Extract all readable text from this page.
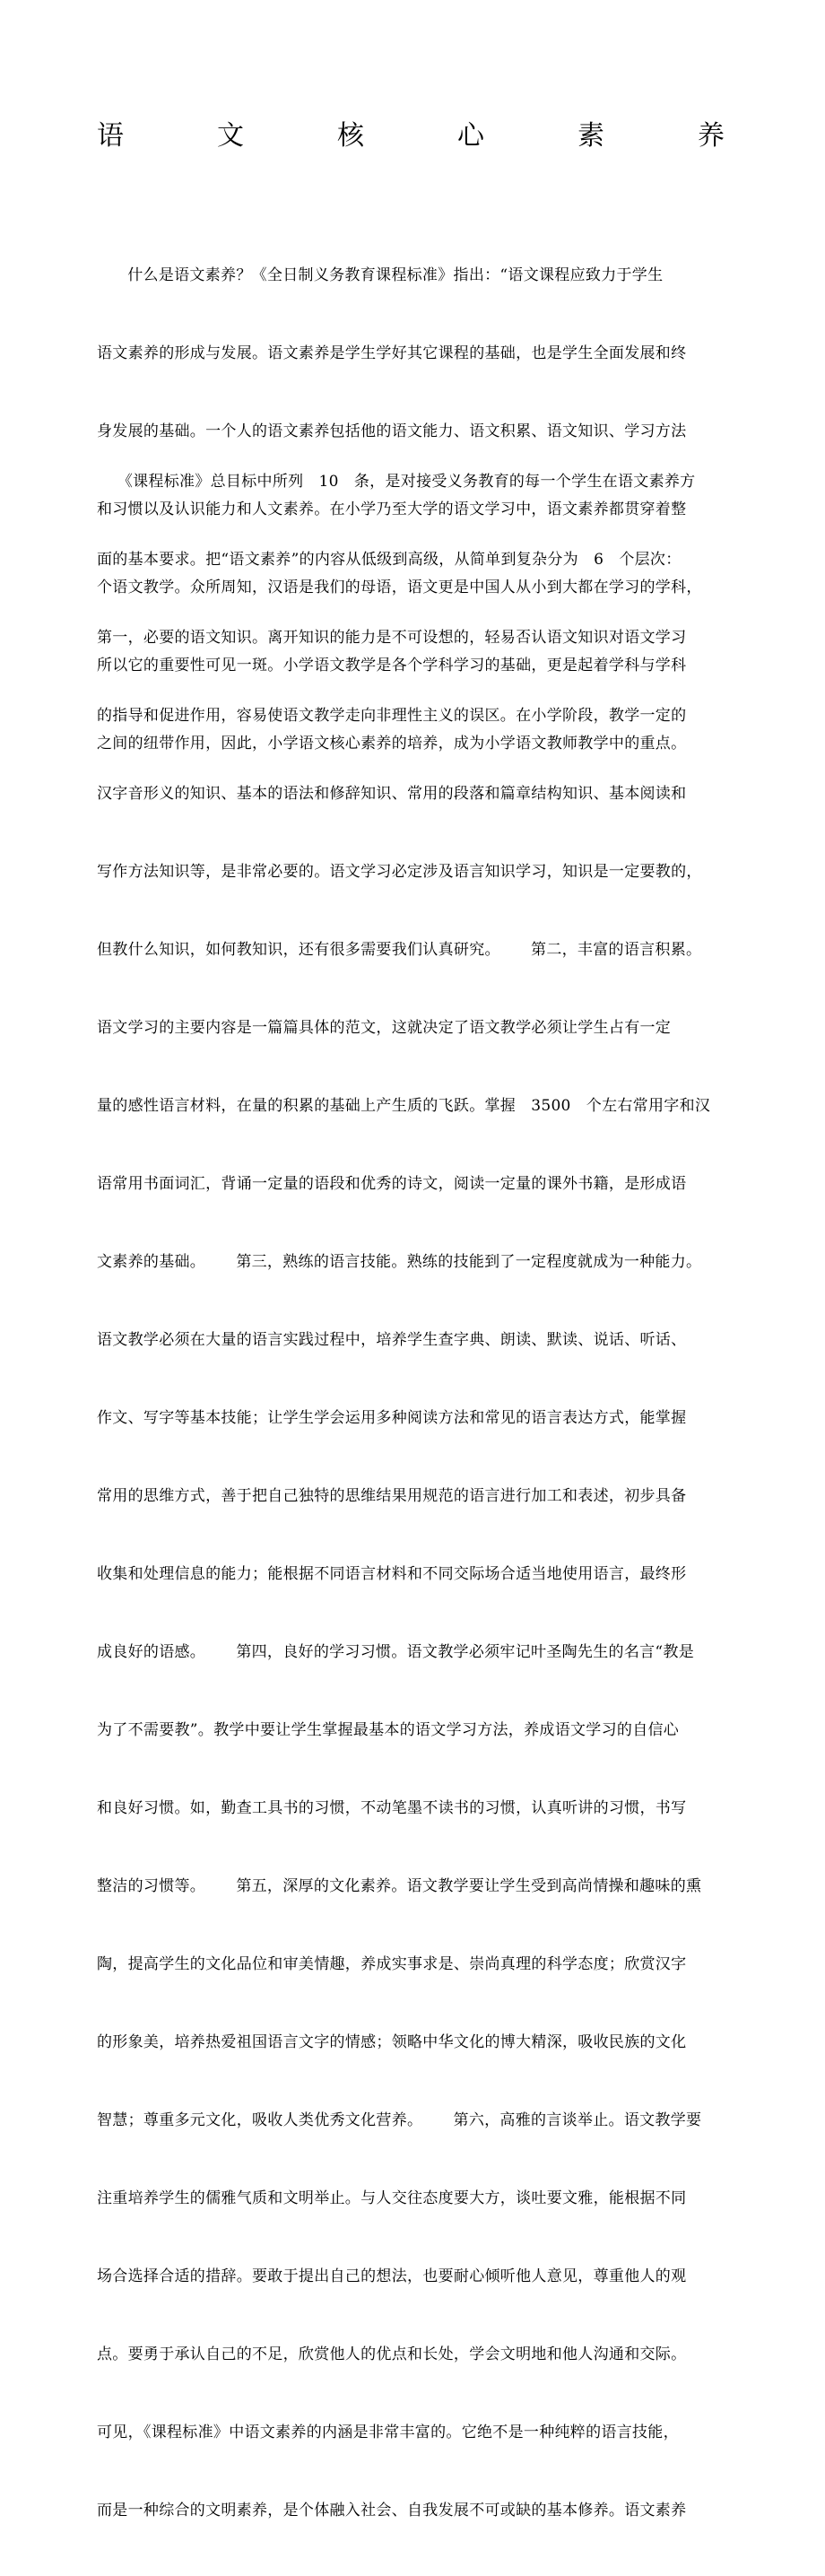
语	文	核	心	素	养

什么是语文素养？《全日制义务教育课程标准》指出：“语文课程应致力于学生

语文素养的形成与发展。语文素养是学生学好其它课程的基础，也是学生全面发展和终

身发展的基础。一个人的语文素养包括他的语文能力、语文积累、语文知识、学习方法

和习惯以及认识能力和人文素养。在小学乃至大学的语文学习中，语文素养都贯穿着整

个语文教学。众所周知，汉语是我们的母语，语文更是中国人从小到大都在学习的学科，

所以它的重要性可见一斑。小学语文教学是各个学科学习的基础，更是起着学科与学科

之间的纽带作用，因此，小学语文核心素养的培养，成为小学语文教师教学中的重点。

《课程标准》总目标中所列   10   条，是对接受义务教育的每一个学生在语文素养方

面的基本要求。把“语文素养”的内容从低级到高级，从简单到复杂分为   6   个层次：

第一，必要的语文知识。离开知识的能力是不可设想的，轻易否认语文知识对语文学习

的指导和促进作用，容易使语文教学走向非理性主义的误区。在小学阶段，教学一定的

汉字音形义的知识、基本的语法和修辞知识、常用的段落和篇章结构知识、基本阅读和

写作方法知识等，是非常必要的。语文学习必定涉及语言知识学习，知识是一定要教的，

但教什么知识，如何教知识，还有很多需要我们认真研究。      第二，丰富的语言积累。

语文学习的主要内容是一篇篇具体的范文，这就决定了语文教学必须让学生占有一定

量的感性语言材料，在量的积累的基础上产生质的飞跃。掌握   3500   个左右常用字和汉

语常用书面词汇，背诵一定量的语段和优秀的诗文，阅读一定量的课外书籍，是形成语

文素养的基础。      第三，熟练的语言技能。熟练的技能到了一定程度就成为一种能力。

语文教学必须在大量的语言实践过程中，培养学生查字典、朗读、默读、说话、听话、

作文、写字等基本技能；让学生学会运用多种阅读方法和常见的语言表达方式，能掌握

常用的思维方式，善于把自己独特的思维结果用规范的语言进行加工和表述，初步具备

收集和处理信息的能力；能根据不同语言材料和不同交际场合适当地使用语言，最终形

成良好的语感。      第四，良好的学习习惯。语文教学必须牢记叶圣陶先生的名言“教是

为了不需要教”。教学中要让学生掌握最基本的语文学习方法，养成语文学习的自信心

和良好习惯。如，勤查工具书的习惯，不动笔墨不读书的习惯，认真听讲的习惯，书写

整洁的习惯等。      第五，深厚的文化素养。语文教学要让学生受到高尚情操和趣味的熏

陶，提高学生的文化品位和审美情趣，养成实事求是、崇尚真理的科学态度；欣赏汉字

的形象美，培养热爱祖国语言文字的情感；领略中华文化的博大精深，吸收民族的文化

智慧；尊重多元文化，吸收人类优秀文化营养。      第六，高雅的言谈举止。语文教学要

注重培养学生的儒雅气质和文明举止。与人交往态度要大方，谈吐要文雅，能根据不同

场合选择合适的措辞。要敢于提出自己的想法，也要耐心倾听他人意见，尊重他人的观

点。要勇于承认自己的不足，欣赏他人的优点和长处，学会文明地和他人沟通和交际。

可见，《课程标准》中语文素养的内涵是非常丰富的。它绝不是一种纯粹的语言技能，

而是一种综合的文明素养，是个体融入社会、自我发展不可或缺的基本修养。语文素养
